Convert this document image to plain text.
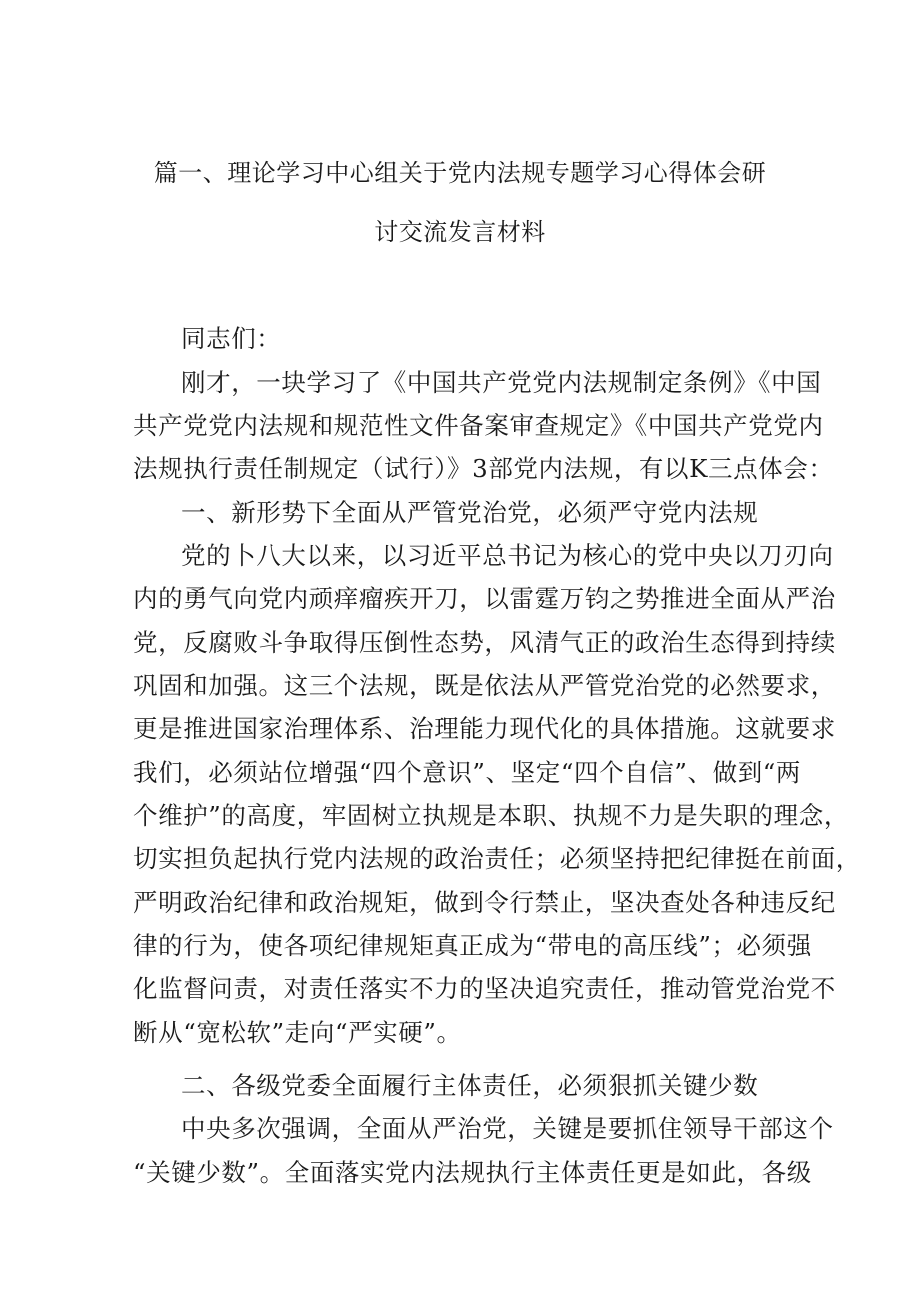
篇一、理论学习中心组关于党内法规专题学习心得体会研
讨交流发言材料
同志们：
刚才，一块学习了《中国共产党党内法规制定条例》《中国
共产党党内法规和规范性文件备案审查规定》《中国共产党党内
法规执行责任制规定（试行）》3部党内法规，有以K三点体会：
一、新形势下全面从严管党治党，必须严守党内法规
党的卜八大以来，以习近平总书记为核心的党中央以刀刃向
内的勇气向党内顽痒瘤疾开刀，以雷霆万钧之势推进全面从严治
党，反腐败斗争取得压倒性态势，风清气正的政治生态得到持续
巩固和加强。这三个法规，既是依法从严管党治党的必然要求，
更是推进国家治理体系、治理能力现代化的具体措施。这就要求
我们，必须站位增强“四个意识”、坚定“四个自信”、做到“两
个维护”的高度，牢固树立执规是本职、执规不力是失职的理念，
切实担负起执行党内法规的政治责任；必须坚持把纪律挺在前面，
严明政治纪律和政治规矩，做到令行禁止，坚决查处各种违反纪
律的行为，使各项纪律规矩真正成为“带电的高压线”；必须强
化监督问责，对责任落实不力的坚决追究责任，推动管党治党不
断从“宽松软”走向“严实硬”。
二、各级党委全面履行主体责任，必须狠抓关键少数
中央多次强调，全面从严治党，关键是要抓住领导干部这个
“关键少数”。全面落实党内法规执行主体责任更是如此，各级
